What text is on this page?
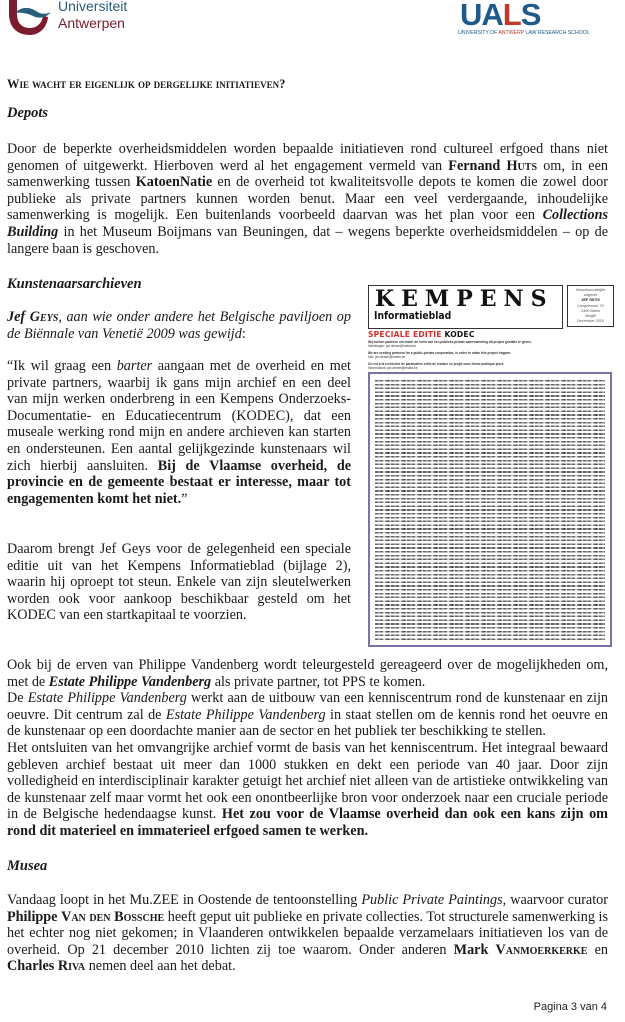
Universiteit
Antwerpen	UALS
UNIVERSITY OF ANTWERP LAW RESEARCH SCHOOL
Wie wacht er eigenlijk op dergelijke initiatieven?
Depots

Door de beperkte overheidsmiddelen worden bepaalde initiatieven rond cultureel erfgoed thans niet genomen of uitgewerkt. Hierboven werd al het engagement vermeld van Fernand Huts om, in een samenwerking tussen KatoenNatie en de overheid tot kwaliteitsvolle depots te komen die zowel door publieke als private partners kunnen worden benut. Maar een veel verdergaande, inhoudelijke samenwerking is mogelijk. Een buitenlands voorbeeld daarvan was het plan voor een Collections Building in het Museum Boijmans van Beuningen, dat – wegens beperkte overheidsmiddelen – op de langere baan is geschoven.

Kunstenaarsarchieven

Jef Geys, aan wie onder andere het Belgische paviljoen op de Biënnale van Venetië 2009 was gewijd:

“Ik wil graag een barter aangaan met de overheid en met private partners, waarbij ik gans mijn archief en een deel van mijn werken onderbreng in een Kempens Onderzoeks- Documentatie- en Educatiecentrum (KODEC), dat een museale werking rond mijn en andere archieven kan starten en ondersteunen. Een aantal gelijkgezinde kunstenaars wil zich hierbij aansluiten. Bij de Vlaamse overheid, de provincie en de gemeente bestaat er interesse, maar tot engagementen komt het niet.”

Daarom brengt Jef Geys voor de gelegenheid een speciale editie uit van het Kempens Informatieblad (bijlage 2), waarin hij oproept tot steun. Enkele van zijn sleutelwerken worden ook voor aankoop beschikbaar gesteld om het KODEC van een startkapitaal te voorzien.

KEMPENS
Informatieblad
Verantwoordelijke
uitgever
JEF GEYS
Langvennen 79
2490 Balen
België
December 2010
SPECIALE EDITIE KODEC
Wij zoeken partners om onder de vorm van een publieke-private samenwerking dit project gestalte te geven.
Inlichtingen: jan.denee@mskta.be
We are seeking partners for a public-private cooperation, in order to make this project happen.
Info: jan.denee@mskta.be
On est à la recherche de partenaires enfin de realiser ce projet sous forme publique-privé.
Informations: jan.denee@mskta.be

Ook bij de erven van Philippe Vandenberg wordt teleurgesteld gereageerd over de mogelijkheden om, met de Estate Philippe Vandenberg als private partner, tot PPS te komen.

De Estate Philippe Vandenberg werkt aan de uitbouw van een kenniscentrum rond de kunstenaar en zijn oeuvre. Dit centrum zal de Estate Philippe Vandenberg in staat stellen om de kennis rond het oeuvre en de kunstenaar op een doordachte manier aan de sector en het publiek ter beschikking te stellen.

Het ontsluiten van het omvangrijke archief vormt de basis van het kenniscentrum. Het integraal bewaard gebleven archief bestaat uit meer dan 1000 stukken en dekt een periode van 40 jaar. Door zijn volledigheid en interdisciplinair karakter getuigt het archief niet alleen van de artistieke ontwikkeling van de kunstenaar zelf maar vormt het ook een onontbeerlijke bron voor onderzoek naar een cruciale periode in de Belgische hedendaagse kunst. Het zou voor de Vlaamse overheid dan ook een kans zijn om rond dit materieel en immaterieel erfgoed samen te werken.

Musea

Vandaag loopt in het Mu.ZEE in Oostende de tentoonstelling Public Private Paintings, waarvoor curator Philippe Van den Bossche heeft geput uit publieke en private collecties. Tot structurele samenwerking is het echter nog niet gekomen; in Vlaanderen ontwikkelen bepaalde verzamelaars initiatieven los van de overheid. Op 21 december 2010 lichten zij toe waarom. Onder anderen Mark Vanmoerkerke en Charles Riva nemen deel aan het debat.

Pagina 3 van 4
